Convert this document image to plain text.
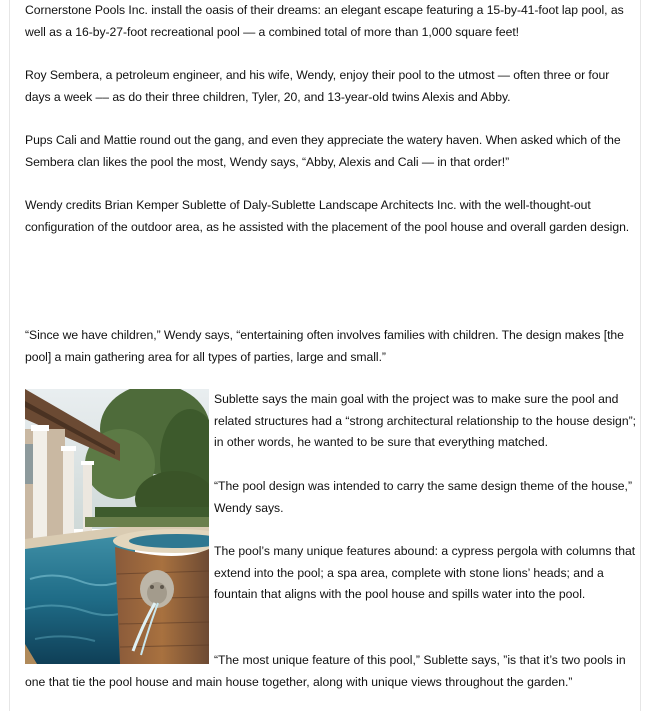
Cornerstone Pools Inc. install the oasis of their dreams: an elegant escape featuring a 15-by-41-foot lap pool, as well as a 16-by-27-foot recreational pool — a combined total of more than 1,000 square feet!

Roy Sembera, a petroleum engineer, and his wife, Wendy, enjoy their pool to the utmost — often three or four days a week –– as do their three children, Tyler, 20, and 13-year-old twins Alexis and Abby.

Pups Cali and Mattie round out the gang, and even they appreciate the watery haven. When asked which of the Sembera clan likes the pool the most, Wendy says, “Abby, Alexis and Cali — in that order!”

Wendy credits Brian Kemper Sublette of Daly-Sublette Landscape Architects Inc. with the well-thought-out configuration of the outdoor area, as he assisted with the placement of the pool house and overall garden design.

“Since we have children,” Wendy says, “entertaining often involves families with children. The design makes [the pool] a main gathering area for all types of parties, large and small.”

Sublette says the main goal with the project was to make sure the pool and related structures had a “strong architectural relationship to the house design”; in other words, he wanted to be sure that everything matched.

“The pool design was intended to carry the same design theme of the house,” Wendy says.

The pool’s many unique features abound: a cypress pergola with columns that extend into the pool; a spa area, complete with stone lions’ heads; and a fountain that aligns with the pool house and spills water into the pool.

“The most unique feature of this pool,” Sublette says, ”is that it’s two pools in one that tie the pool house and main house together, along with unique views throughout the garden.”
